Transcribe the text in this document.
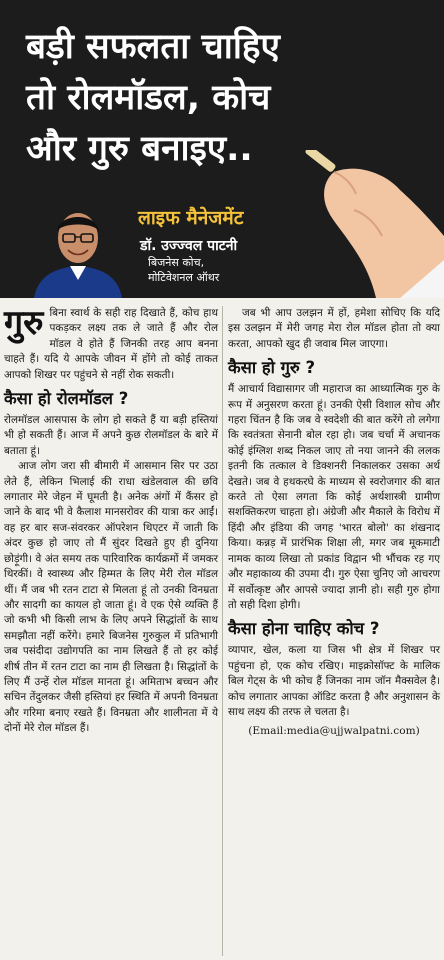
बड़ी सफलता चाहिए
तो रोलमॉडल, कोच
और गुरु बनाइए..
लाइफ मैनेजमेंट
डॉ. उज्ज्वल पाटनी
बिजनेस कोच,
मोटिवेशनल ऑथर
गुरु बिना स्वार्थ के सही राह दिखाते हैं, कोच हाथ पकड़कर लक्ष्य तक ले जाते हैं और रोल मॉडल वे होते हैं जिनकी तरह आप बनना चाहते हैं। यदि ये आपके जीवन में होंगे तो कोई ताकत आपको शिखर पर पहुंचने से नहीं रोक सकती।
कैसा हो रोलमॉडल ?

रोलमॉडल आसपास के लोग हो सकते हैं या बड़ी हस्तियां भी हो सकती हैं। आज में अपने कुछ रोलमॉडल के बारे में बताता हूं।

आज लोग जरा सी बीमारी में आसमान सिर पर उठा लेते हैं, लेकिन भिलाई की राधा खंडेलवाल की छवि लगातार मेरे जेहन में घूमती है। अनेक अंगों में कैंसर हो जाने के बाद भी वे कैलाश मानसरोवर की यात्रा कर आईं। वह हर बार सज-संवरकर ऑपरेशन थिएटर में जाती कि अंदर कुछ हो जाए तो मैं सुंदर दिखते हुए ही दुनिया छोड़ूंगी। वे अंत समय तक पारिवारिक कार्यक्रमों में जमकर थिरकीं। वे स्वास्थ्य और हिम्मत के लिए मेरी रोल मॉडल थीं। मैं जब भी रतन टाटा से मिलता हूं तो उनकी विनम्रता और सादगी का कायल हो जाता हूं। वे एक ऐसे व्यक्ति हैं जो कभी भी किसी लाभ के लिए अपने सिद्धांतों के साथ समझौता नहीं करेंगे। हमारे बिजनेस गुरुकुल में प्रतिभागी जब पसंदीदा उद्योगपति का नाम लिखते हैं तो हर कोई शीर्ष तीन में रतन टाटा का नाम ही लिखता है। सिद्धांतों के लिए मैं उन्हें रोल मॉडल मानता हूं। अमिताभ बच्चन और सचिन तेंदुलकर जैसी हस्तियां हर स्थिति में अपनी विनम्रता और गरिमा बनाए रखते हैं। विनम्रता और शालीनता में ये दोनों मेरे रोल मॉडल हैं।

जब भी आप उलझन में हों, हमेशा सोचिए कि यदि इस उलझन में मेरी जगह मेरा रोल मॉडल होता तो क्या करता, आपको खुद ही जवाब मिल जाएगा।

कैसा हो गुरु ?

मैं आचार्य विद्यासागर जी महाराज का आध्यात्मिक गुरु के रूप में अनुसरण करता हूं। उनकी ऐसी विशाल सोच और गहरा चिंतन है कि जब वे स्वदेशी की बात करेंगे तो लगेगा कि स्वतंत्रता सेनानी बोल रहा हो। जब चर्चा में अचानक कोई इंग्लिश शब्द निकल जाए तो नया जानने की ललक इतनी कि तत्काल वे डिक्शनरी निकालकर उसका अर्थ देखते। जब वे हथकरघे के माध्यम से स्वरोजगार की बात करते तो ऐसा लगता कि कोई अर्थशास्त्री ग्रामीण सशक्तिकरण चाहता हो। अंग्रेजी और मैकाले के विरोध में हिंदी और इंडिया की जगह 'भारत बोलो' का शंखनाद किया। कन्नड़ में प्रारंभिक शिक्षा ली, मगर जब मूकमाटी नामक काव्य लिखा तो प्रकांड विद्वान भी भौंचक रह गए और महाकाव्य की उपमा दी। गुरु ऐसा चुनिए जो आचरण में सर्वोत्कृष्ट और आपसे ज्यादा ज्ञानी हो। सही गुरु होगा तो सही दिशा होगी।

कैसा होना चाहिए कोच ?

व्यापार, खेल, कला या जिस भी क्षेत्र में शिखर पर पहुंचना हो, एक कोच रखिए। माइक्रोसॉफ्ट के मालिक बिल गेट्स के भी कोच हैं जिनका नाम जॉन मैक्सवेल है। कोच लगातार आपका ऑडिट करता है और अनुशासन के साथ लक्ष्य की तरफ ले चलता है।

(Email:media@ujjwalpatni.com)
